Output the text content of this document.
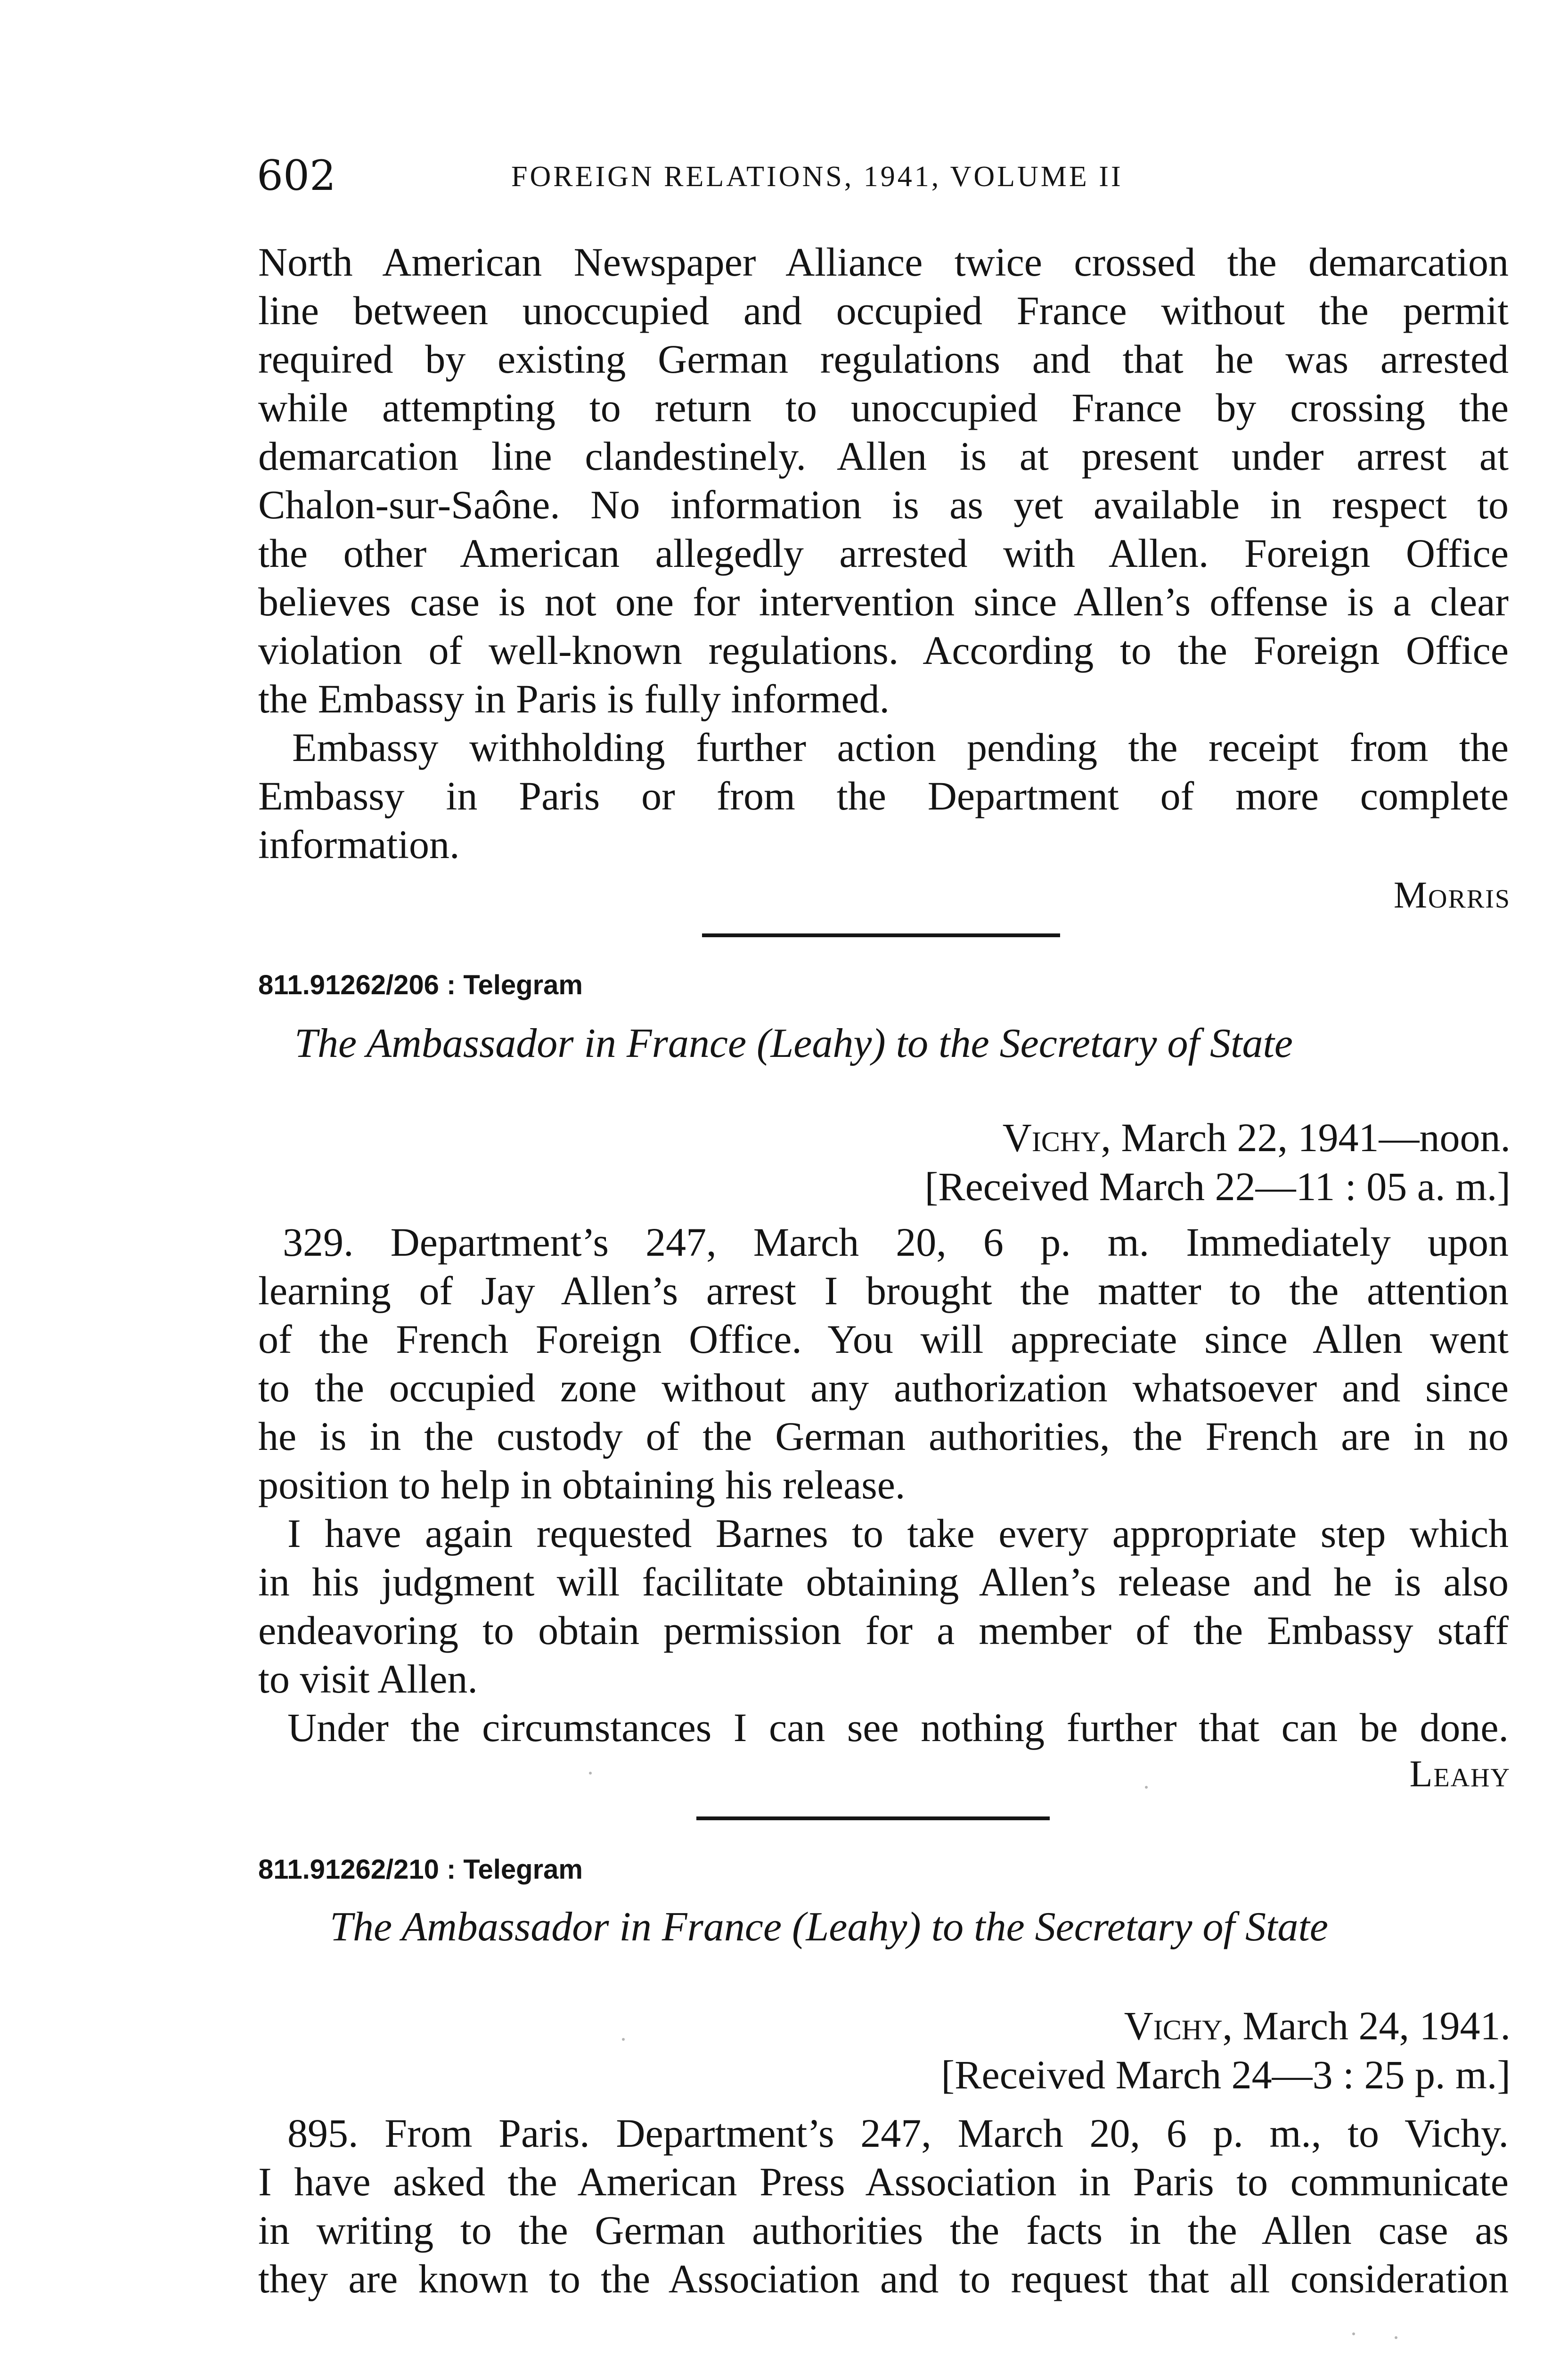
602	FOREIGN RELATIONS, 1941, VOLUME II
North American Newspaper Alliance twice crossed the demarcation
line between unoccupied and occupied France without the permit
required by existing German regulations and that he was arrested
while attempting to return to unoccupied France by crossing the
demarcation line clandestinely. Allen is at present under arrest at
Chalon-sur-Saône. No information is as yet available in respect to
the other American allegedly arrested with Allen. Foreign Office
believes case is not one for intervention since Allen’s offense is a clear
violation of well-known regulations. According to the Foreign Office
the Embassy in Paris is fully informed.
Embassy withholding further action pending the receipt from the
Embassy in Paris or from the Department of more complete
information.
Morris
811.91262/206 : Telegram
The Ambassador in France (Leahy) to the Secretary of State
Vichy, March 22, 1941—noon.
[Received March 22—11 : 05 a. m.]
329. Department’s 247, March 20, 6 p. m. Immediately upon
learning of Jay Allen’s arrest I brought the matter to the attention
of the French Foreign Office. You will appreciate since Allen went
to the occupied zone without any authorization whatsoever and since
he is in the custody of the German authorities, the French are in no
position to help in obtaining his release.
I have again requested Barnes to take every appropriate step which
in his judgment will facilitate obtaining Allen’s release and he is also
endeavoring to obtain permission for a member of the Embassy staff
to visit Allen.
Under the circumstances I can see nothing further that can be done.
Leahy
811.91262/210 : Telegram
The Ambassador in France (Leahy) to the Secretary of State
Vichy, March 24, 1941.
[Received March 24—3 : 25 p. m.]
895. From Paris. Department’s 247, March 20, 6 p. m., to Vichy.
I have asked the American Press Association in Paris to communicate
in writing to the German authorities the facts in the Allen case as
they are known to the Association and to request that all consideration
